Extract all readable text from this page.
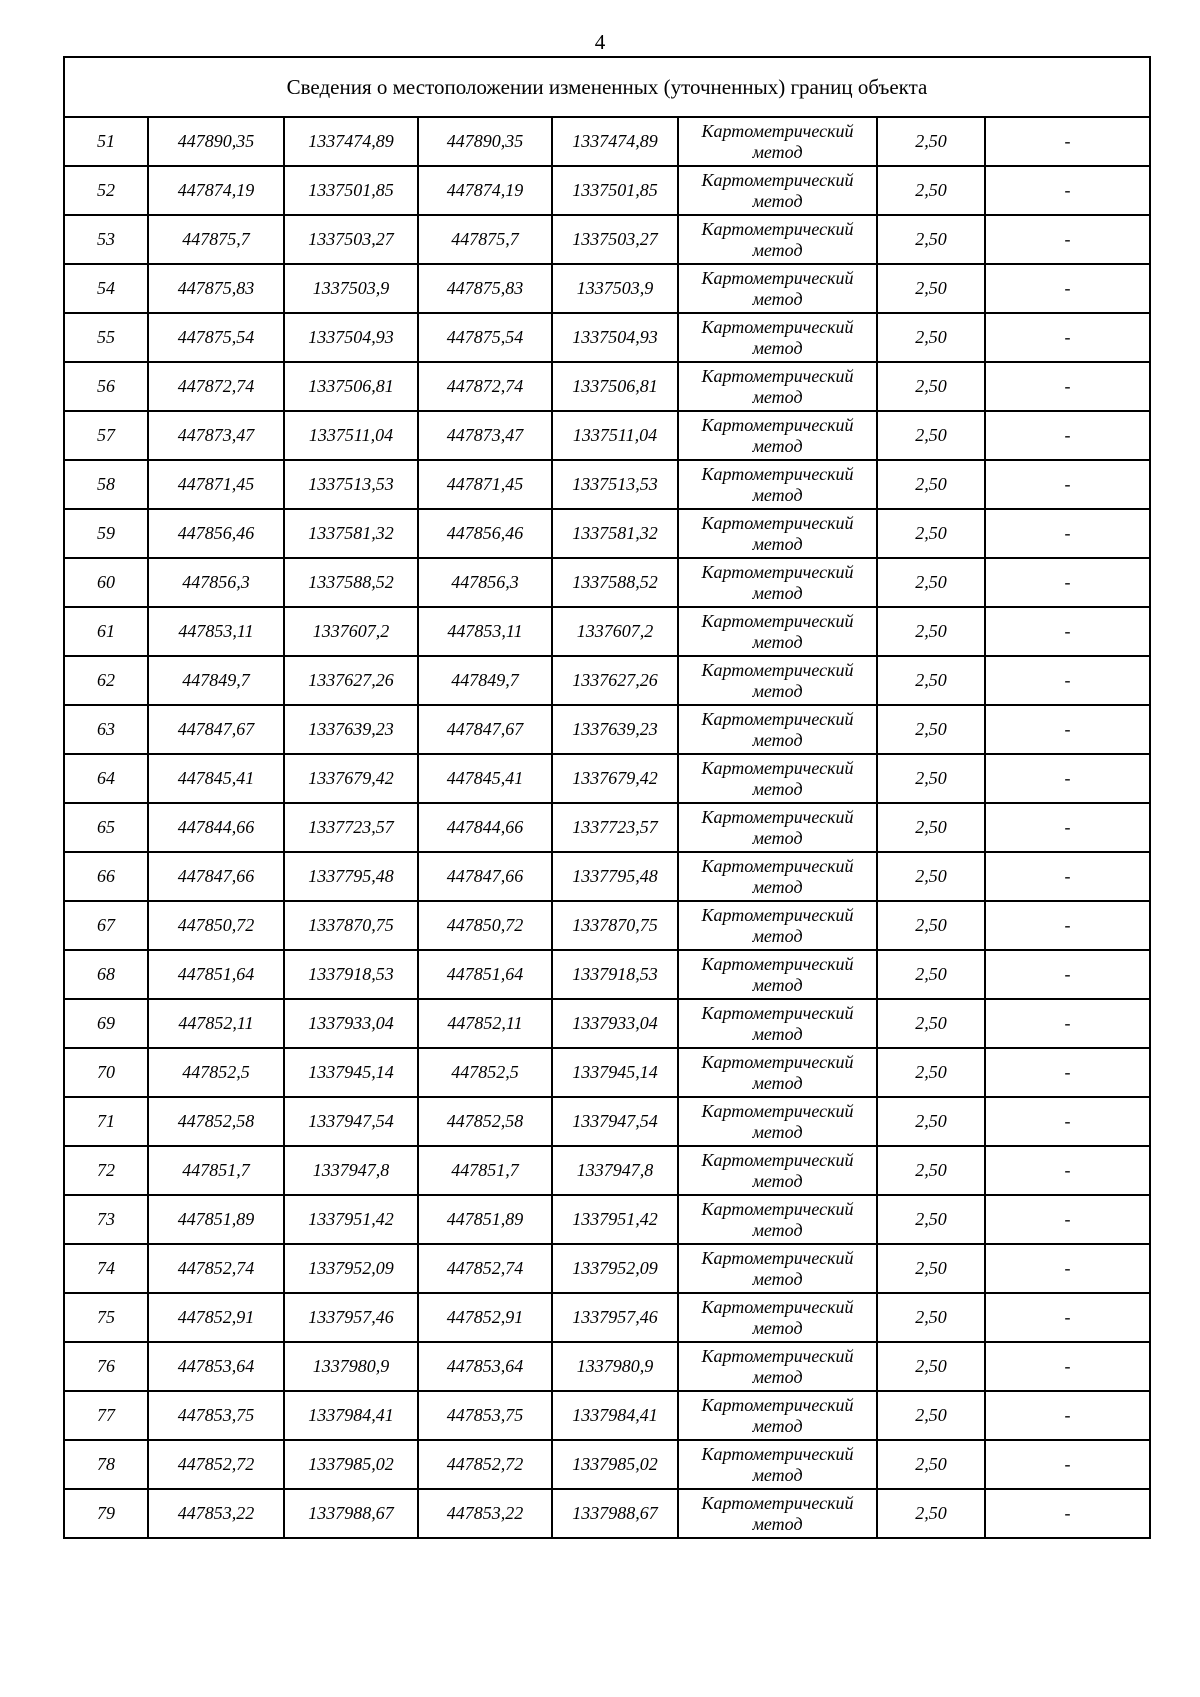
4
Сведения о местоположении измененных (уточненных) границ объекта							
51	447890,35	1337474,89	447890,35	1337474,89	Картометрический
метод	2,50	-
52	447874,19	1337501,85	447874,19	1337501,85	Картометрический
метод	2,50	-
53	447875,7	1337503,27	447875,7	1337503,27	Картометрический
метод	2,50	-
54	447875,83	1337503,9	447875,83	1337503,9	Картометрический
метод	2,50	-
55	447875,54	1337504,93	447875,54	1337504,93	Картометрический
метод	2,50	-
56	447872,74	1337506,81	447872,74	1337506,81	Картометрический
метод	2,50	-
57	447873,47	1337511,04	447873,47	1337511,04	Картометрический
метод	2,50	-
58	447871,45	1337513,53	447871,45	1337513,53	Картометрический
метод	2,50	-
59	447856,46	1337581,32	447856,46	1337581,32	Картометрический
метод	2,50	-
60	447856,3	1337588,52	447856,3	1337588,52	Картометрический
метод	2,50	-
61	447853,11	1337607,2	447853,11	1337607,2	Картометрический
метод	2,50	-
62	447849,7	1337627,26	447849,7	1337627,26	Картометрический
метод	2,50	-
63	447847,67	1337639,23	447847,67	1337639,23	Картометрический
метод	2,50	-
64	447845,41	1337679,42	447845,41	1337679,42	Картометрический
метод	2,50	-
65	447844,66	1337723,57	447844,66	1337723,57	Картометрический
метод	2,50	-
66	447847,66	1337795,48	447847,66	1337795,48	Картометрический
метод	2,50	-
67	447850,72	1337870,75	447850,72	1337870,75	Картометрический
метод	2,50	-
68	447851,64	1337918,53	447851,64	1337918,53	Картометрический
метод	2,50	-
69	447852,11	1337933,04	447852,11	1337933,04	Картометрический
метод	2,50	-
70	447852,5	1337945,14	447852,5	1337945,14	Картометрический
метод	2,50	-
71	447852,58	1337947,54	447852,58	1337947,54	Картометрический
метод	2,50	-
72	447851,7	1337947,8	447851,7	1337947,8	Картометрический
метод	2,50	-
73	447851,89	1337951,42	447851,89	1337951,42	Картометрический
метод	2,50	-
74	447852,74	1337952,09	447852,74	1337952,09	Картометрический
метод	2,50	-
75	447852,91	1337957,46	447852,91	1337957,46	Картометрический
метод	2,50	-
76	447853,64	1337980,9	447853,64	1337980,9	Картометрический
метод	2,50	-
77	447853,75	1337984,41	447853,75	1337984,41	Картометрический
метод	2,50	-
78	447852,72	1337985,02	447852,72	1337985,02	Картометрический
метод	2,50	-
79	447853,22	1337988,67	447853,22	1337988,67	Картометрический
метод	2,50	-
